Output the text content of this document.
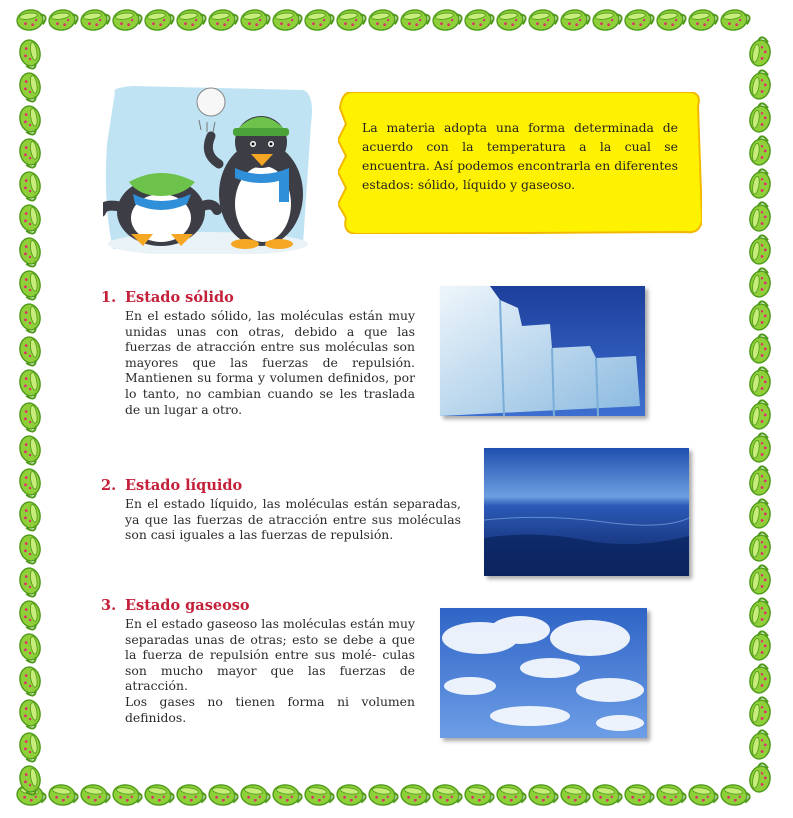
La materia adopta una forma determinada de acuerdo con la temperatura a la cual se encuentra. Así podemos encontrarla en diferentes estados: sólido, líquido y gaseoso.
1. Estado sólido

En el estado sólido, las moléculas están muy unidas unas con otras, debido a que las fuerzas de atracción entre sus moléculas son mayores que las fuerzas de repulsión. Mantienen su forma y volumen definidos, por lo tanto, no cambian cuando se les traslada de un lugar a otro.

2. Estado líquido

En el estado líquido, las moléculas están separadas, ya que las fuerzas de atracción entre sus moléculas son casi iguales a las fuerzas de repulsión.

3. Estado gaseoso

En el estado gaseoso las moléculas están muy separadas unas de otras; esto se debe a que la fuerza de repulsión entre sus molé- culas son mucho mayor que las fuerzas de atracción.

Los gases no tienen forma ni volumen definidos.
